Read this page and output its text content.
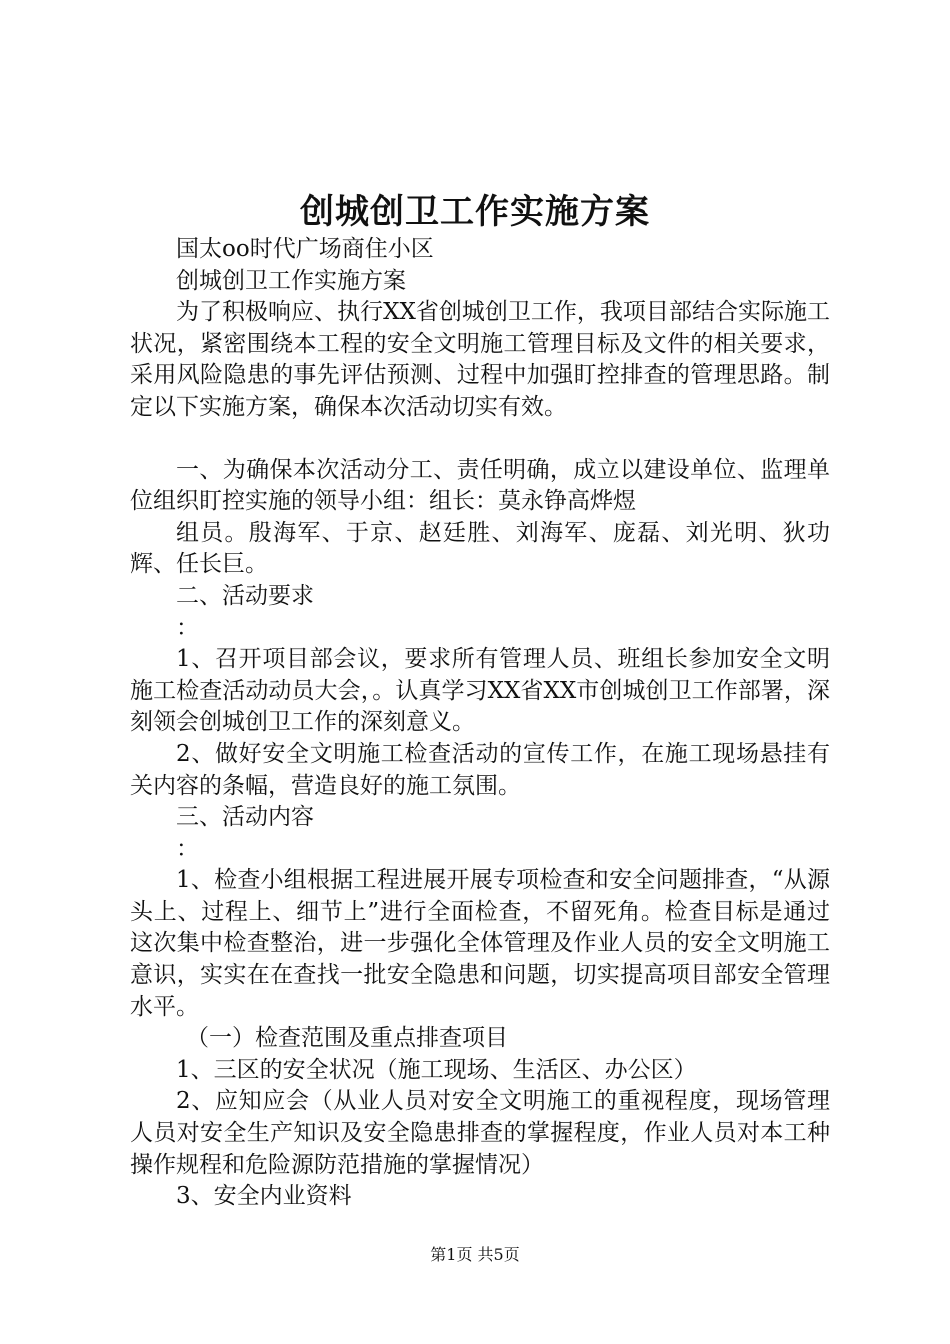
创城创卫工作实施方案

国太oo时代广场商住小区

创城创卫工作实施方案

为了积极响应、执行XX省创城创卫工作，我项目部结合实际施工状况，紧密围绕本工程的安全文明施工管理目标及文件的相关要求，采用风险隐患的事先评估预测、过程中加强盯控排查的管理思路。制定以下实施方案，确保本次活动切实有效。

一、为确保本次活动分工、责任明确，成立以建设单位、监理单位组织盯控实施的领导小组：组长：莫永铮高烨煜

组员。殷海军、于京、赵廷胜、刘海军、庞磊、刘光明、狄功辉、任长巨。

二、活动要求

：

1、召开项目部会议，要求所有管理人员、班组长参加安全文明施工检查活动动员大会，。认真学习XX省XX市创城创卫工作部署，深刻领会创城创卫工作的深刻意义。

2、做好安全文明施工检查活动的宣传工作，在施工现场悬挂有关内容的条幅，营造良好的施工氛围。

三、活动内容

：

1、检查小组根据工程进展开展专项检查和安全问题排查，“从源头上、过程上、细节上”进行全面检查，不留死角。检查目标是通过这次集中检查整治，进一步强化全体管理及作业人员的安全文明施工意识，实实在在查找一批安全隐患和问题，切实提高项目部安全管理水平。

（一）检查范围及重点排查项目

1、三区的安全状况（施工现场、生活区、办公区）

2、应知应会（从业人员对安全文明施工的重视程度，现场管理人员对安全生产知识及安全隐患排查的掌握程度，作业人员对本工种操作规程和危险源防范措施的掌握情况）

3、安全内业资料

第1页 共5页
